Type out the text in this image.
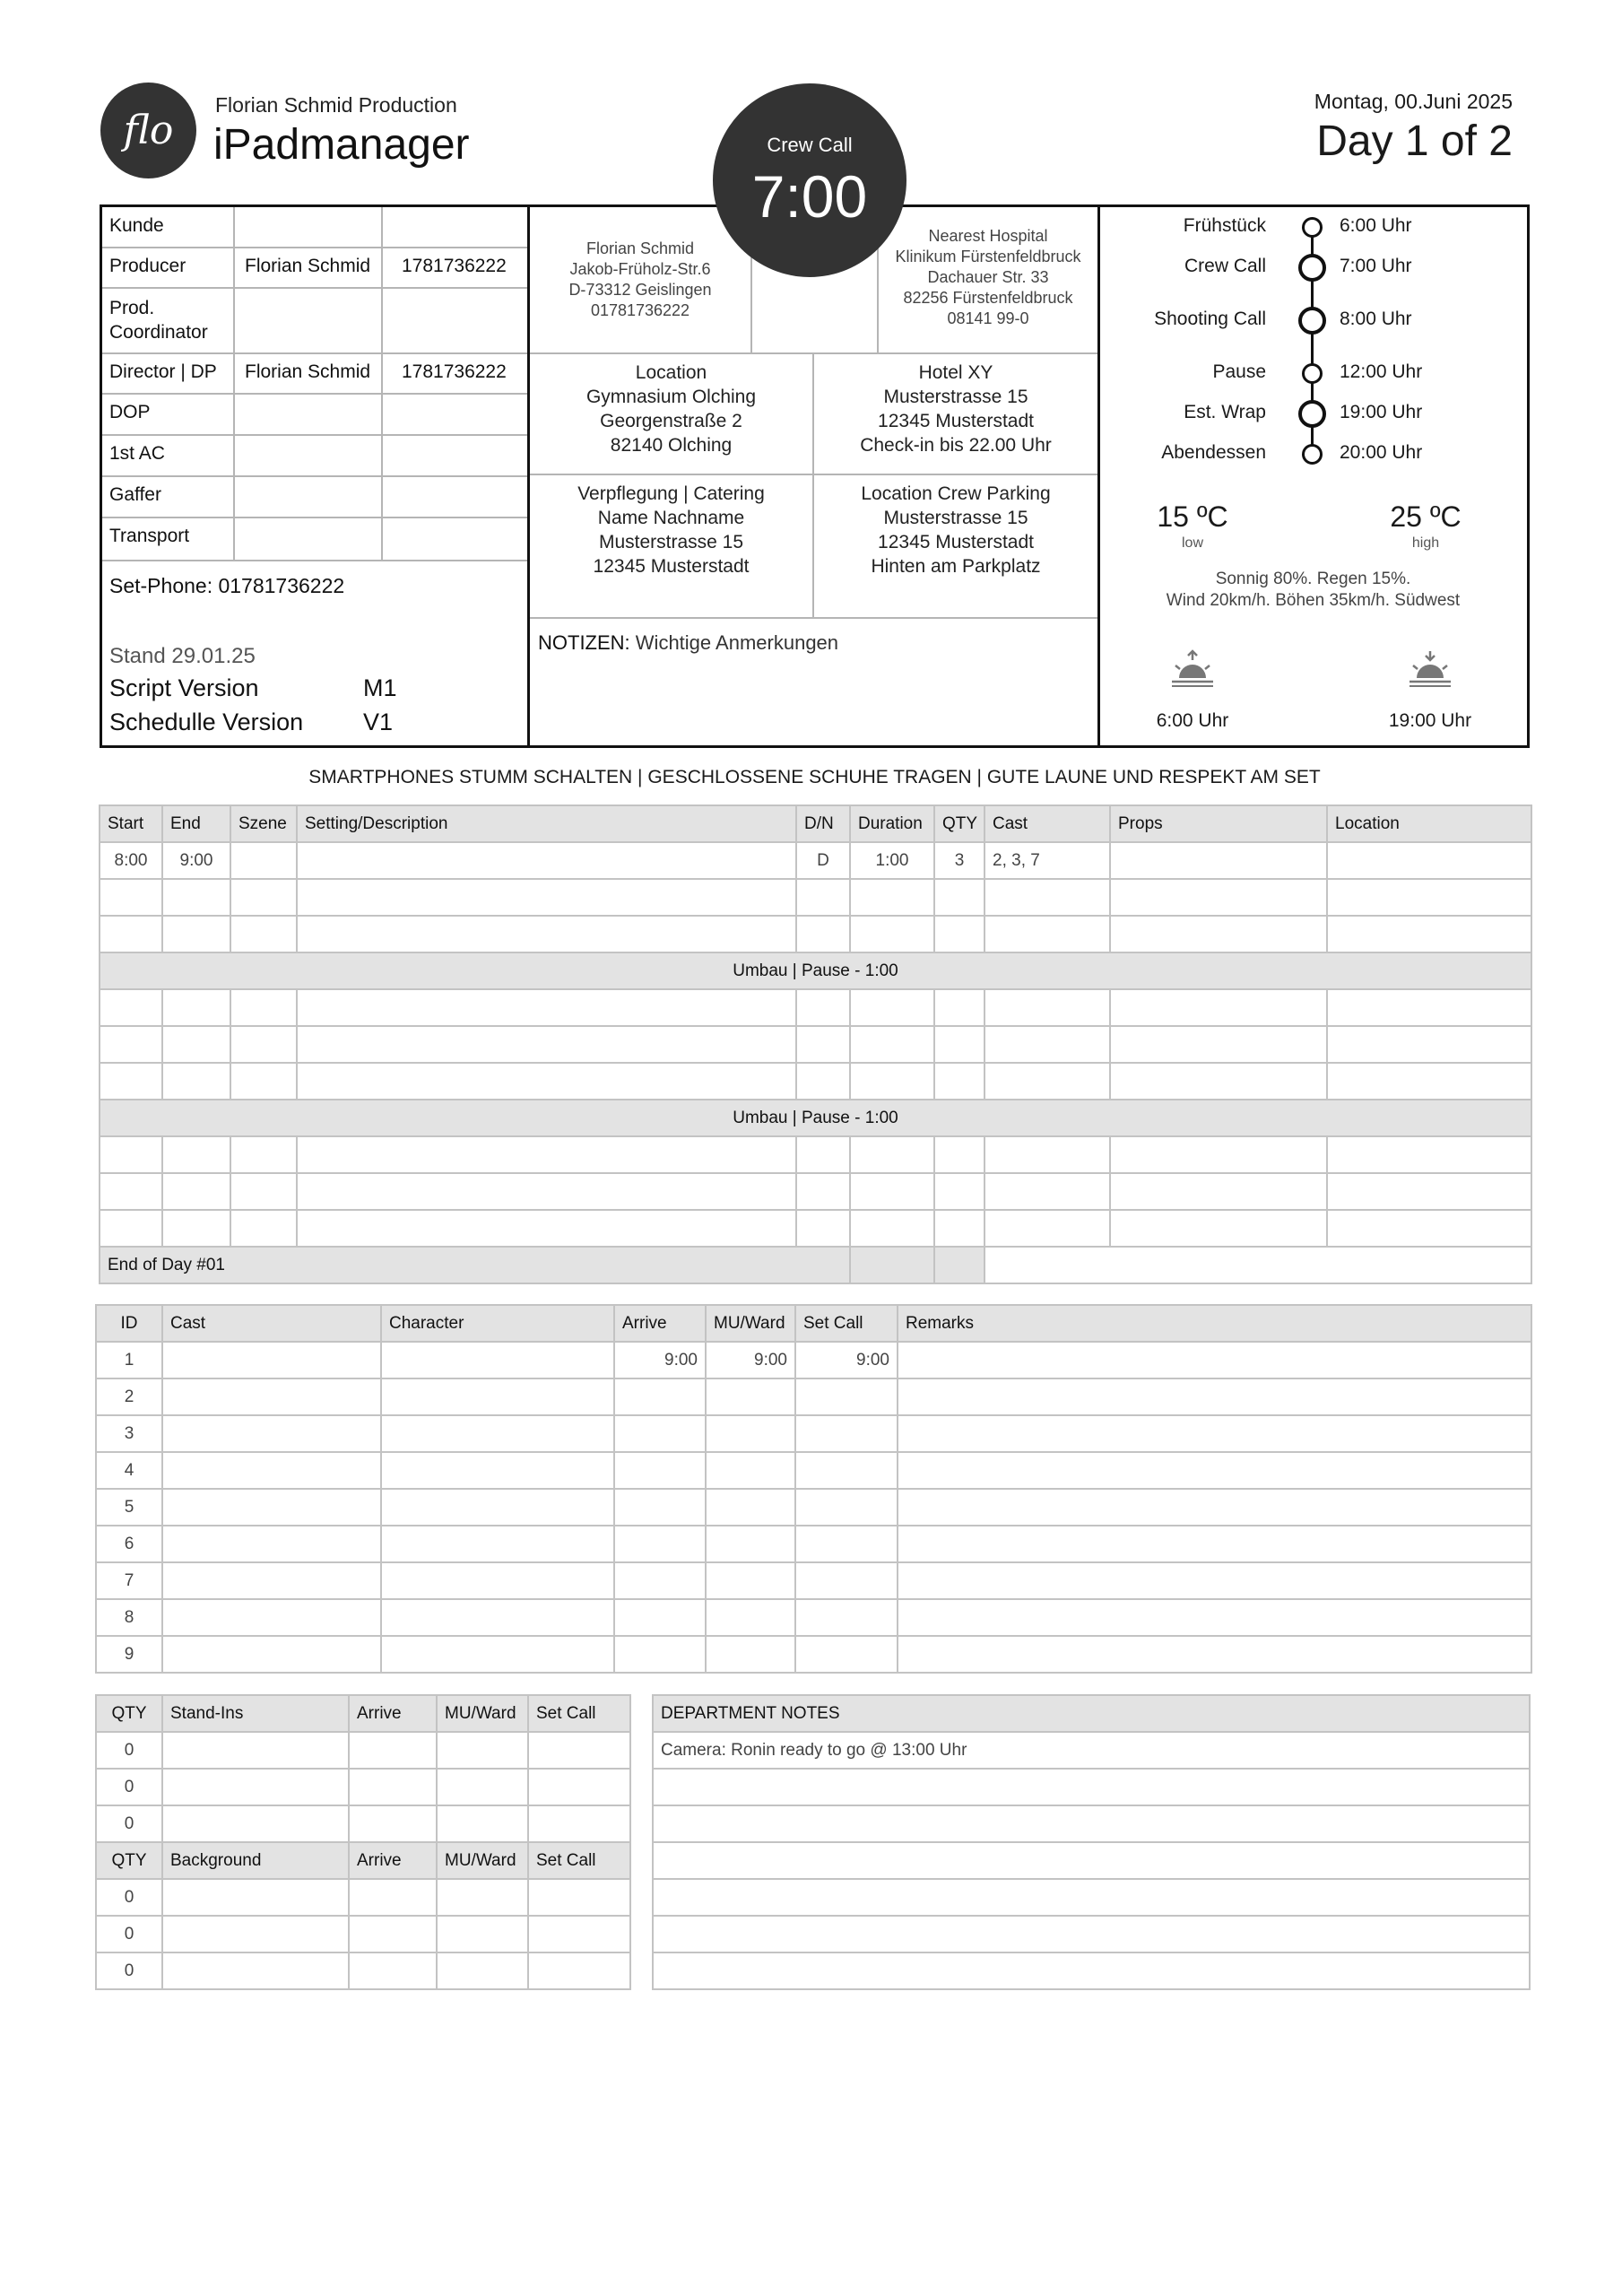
flo
Florian Schmid Production
iPadmanager
Montag, 00.Juni 2025
Day 1 of 2
Crew Call
7:00
Kunde
Producer	Florian Schmid 1781736222
Prod. Coordinator
Director | DP Florian Schmid 1781736222
DOP
1st AC
Gaffer
Transport
Set-Phone: 01781736222
Stand 29.01.25
Script Version	M1
Schedulle Version V1
Florian Schmid
Jakob-Früholz-Str.6
D-73312 Geislingen
01781736222
Nearest Hospital
Klinikum Fürstenfeldbruck
Dachauer Str. 33
82256 Fürstenfeldbruck
08141 99-0
Location
Gymnasium Olching
Georgenstraße 2
82140 Olching
Hotel XY
Musterstrasse 15
12345 Musterstadt
Check-in bis 22.00 Uhr
Verpflegung | Catering
Name Nachname
Musterstrasse 15
12345 Musterstadt
Location Crew Parking
Musterstrasse 15
12345 Musterstadt
Hinten am Parkplatz
NOTIZEN: Wichtige Anmerkungen
Frühstück	6:00 Uhr
Crew Call	7:00 Uhr
Shooting Call	8:00 Uhr
Pause	12:00 Uhr
Est. Wrap	19:00 Uhr
Abendessen	20:00 Uhr
15 ºC
low
25 ºC
high
Sonnig 80%. Regen 15%.
Wind 20km/h. Böhen 35km/h. Südwest
6:00 Uhr	19:00 Uhr
SMARTPHONES STUMM SCHALTEN | GESCHLOSSENE SCHUHE TRAGEN | GUTE LAUNE UND RESPEKT AM SET
Start	End	Szene	Setting/Description	D/N	Duration	QTY	Cast	Props	Location
8:00	9:00			D	1:00	3	2, 3, 7		

Umbau | Pause - 1:00									

Umbau | Pause - 1:00									

End of Day #01									
ID	Cast	Character	Arrive	MU/Ward	Set Call	Remarks
1			9:00	9:00	9:00	
2						
3						
4						
5						
6						
7						
8						
9						
QTY	Stand-Ins	Arrive	MU/Ward	Set Call
0				
0				
0				
QTY	Background	Arrive	MU/Ward	Set Call
0				
0				
0				
DEPARTMENT NOTES
Camera: Ronin ready to go @ 13:00 Uhr
